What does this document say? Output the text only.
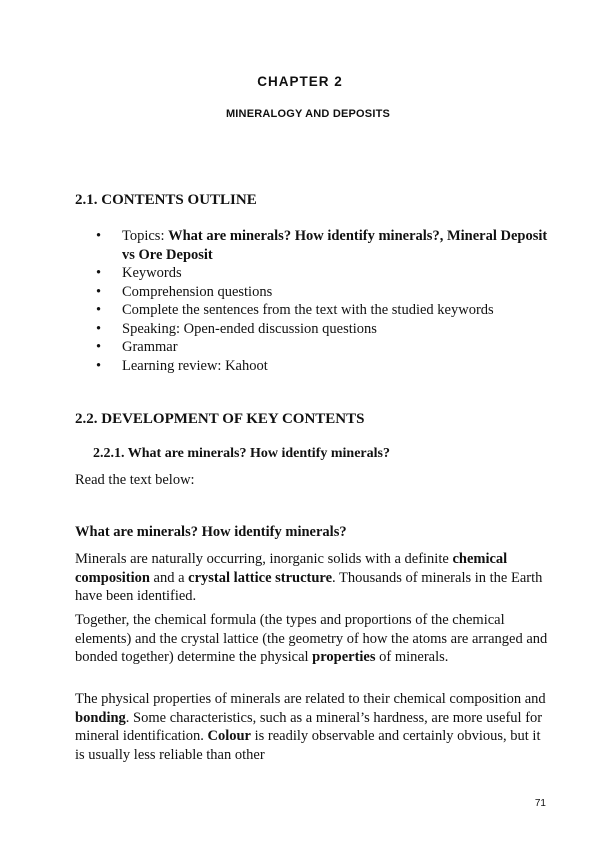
CHAPTER 2
MINERALOGY AND DEPOSITS
2.1. CONTENTS OUTLINE
• Topics: What are minerals? How identify minerals?, Mineral Deposit vs Ore Deposit
• Keywords
• Comprehension questions
• Complete the sentences from the text with the studied keywords
• Speaking: Open-ended discussion questions
• Grammar
• Learning review: Kahoot
2.2. DEVELOPMENT OF KEY CONTENTS
2.2.1. What are minerals? How identify minerals?
Read the text below:
What are minerals? How identify minerals?
Minerals are naturally occurring, inorganic solids with a definite chemical composition and a crystal lattice structure. Thousands of minerals in the Earth have been identified.
Together, the chemical formula (the types and proportions of the chemical elements) and the crystal lattice (the geometry of how the atoms are arranged and bonded together) determine the physical properties of minerals.
The physical properties of minerals are related to their chemical composition and bonding. Some characteristics, such as a mineral’s hardness, are more useful for mineral identification. Colour is readily observable and certainly obvious, but it is usually less reliable than other
71
